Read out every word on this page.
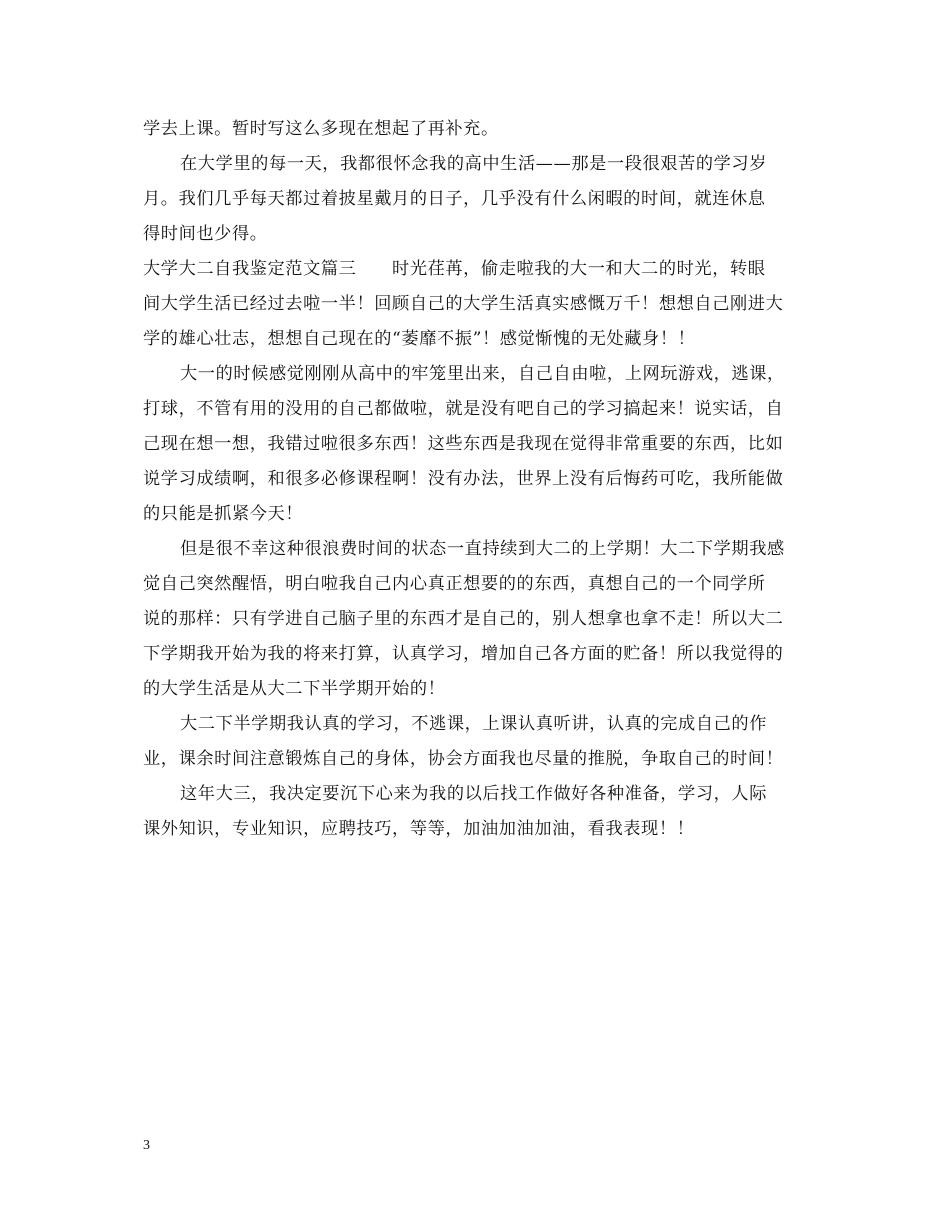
学去上课。暂时写这么多现在想起了再补充。
在大学里的每一天，我都很怀念我的高中生活——那是一段很艰苦的学习岁
月。我们几乎每天都过着披星戴月的日子，几乎没有什么闲暇的时间，就连休息
得时间也少得。
大学大二自我鉴定范文篇三　　时光荏苒，偷走啦我的大一和大二的时光，转眼
间大学生活已经过去啦一半！回顾自己的大学生活真实感慨万千！想想自己刚进大
学的雄心壮志，想想自己现在的“萎靡不振”！感觉惭愧的无处藏身！！
大一的时候感觉刚刚从高中的牢笼里出来，自己自由啦，上网玩游戏，逃课，
打球，不管有用的没用的自己都做啦，就是没有吧自己的学习搞起来！说实话，自
己现在想一想，我错过啦很多东西！这些东西是我现在觉得非常重要的东西，比如
说学习成绩啊，和很多必修课程啊！没有办法，世界上没有后悔药可吃，我所能做
的只能是抓紧今天！
但是很不幸这种很浪费时间的状态一直持续到大二的上学期！大二下学期我感
觉自己突然醒悟，明白啦我自己内心真正想要的的东西，真想自己的一个同学所
说的那样：只有学进自己脑子里的东西才是自己的，别人想拿也拿不走！所以大二
下学期我开始为我的将来打算，认真学习，增加自己各方面的贮备！所以我觉得的
的大学生活是从大二下半学期开始的！
大二下半学期我认真的学习，不逃课，上课认真听讲，认真的完成自己的作
业，课余时间注意锻炼自己的身体，协会方面我也尽量的推脱，争取自己的时间！
这年大三，我决定要沉下心来为我的以后找工作做好各种准备，学习，人际
课外知识，专业知识，应聘技巧，等等，加油加油加油，看我表现！！
3
